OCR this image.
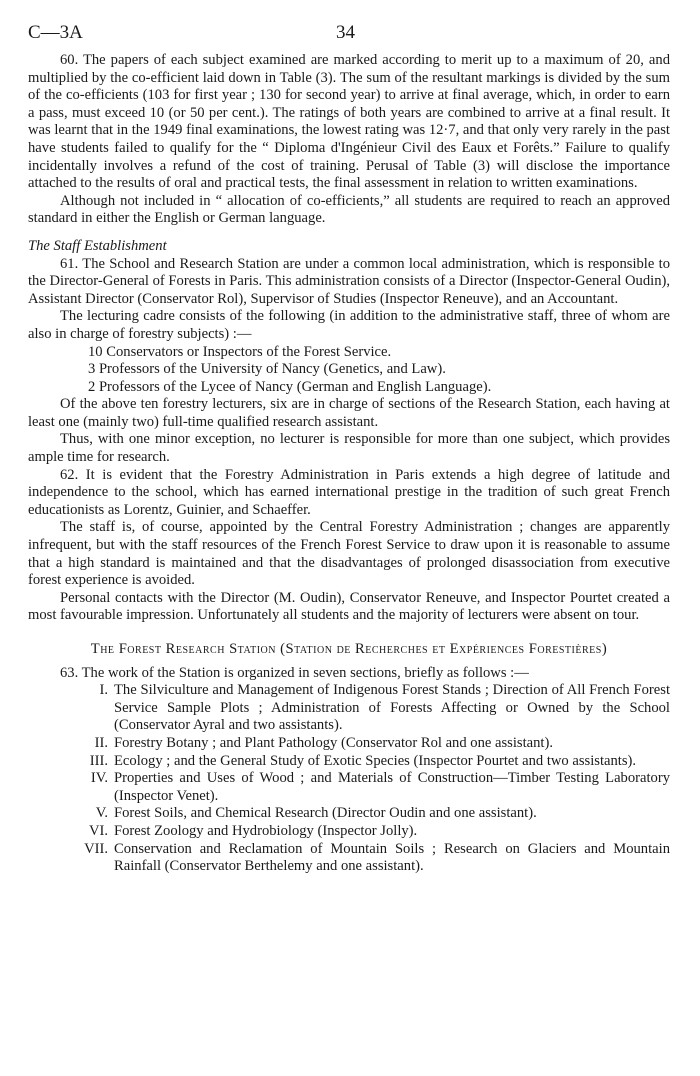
C—3A	34

60. The papers of each subject examined are marked according to merit up to a maximum of 20, and multiplied by the co-efficient laid down in Table (3). The sum of the resultant markings is divided by the sum of the co-efficients (103 for first year ; 130 for second year) to arrive at final average, which, in order to earn a pass, must exceed 10 (or 50 per cent.). The ratings of both years are combined to arrive at a final result. It was learnt that in the 1949 final examinations, the lowest rating was 12·7, and that only very rarely in the past have students failed to qualify for the “ Diploma d'Ingénieur Civil des Eaux et Forêts.” Failure to qualify incidentally involves a refund of the cost of training. Perusal of Table (3) will disclose the importance attached to the results of oral and practical tests, the final assessment in relation to written examinations.

Although not included in “ allocation of co-efficients,” all students are required to reach an approved standard in either the English or German language.

The Staff Establishment

61. The School and Research Station are under a common local administration, which is responsible to the Director-General of Forests in Paris. This administration consists of a Director (Inspector-General Oudin), Assistant Director (Conservator Rol), Supervisor of Studies (Inspector Reneuve), and an Accountant.

The lecturing cadre consists of the following (in addition to the administrative staff, three of whom are also in charge of forestry subjects) :—

10 Conservators or Inspectors of the Forest Service.
3 Professors of the University of Nancy (Genetics, and Law).
2 Professors of the Lycee of Nancy (German and English Language).

Of the above ten forestry lecturers, six are in charge of sections of the Research Station, each having at least one (mainly two) full-time qualified research assistant.

Thus, with one minor exception, no lecturer is responsible for more than one subject, which provides ample time for research.

62. It is evident that the Forestry Administration in Paris extends a high degree of latitude and independence to the school, which has earned international prestige in the tradition of such great French educationists as Lorentz, Guinier, and Schaeffer.

The staff is, of course, appointed by the Central Forestry Administration ; changes are apparently infrequent, but with the staff resources of the French Forest Service to draw upon it is reasonable to assume that a high standard is maintained and that the disadvantages of prolonged disassociation from executive forest experience is avoided.

Personal contacts with the Director (M. Oudin), Conservator Reneuve, and Inspector Pourtet created a most favourable impression. Unfortunately all students and the majority of lecturers were absent on tour.

The Forest Research Station (Station de Recherches et Expériences Forestières)

63. The work of the Station is organized in seven sections, briefly as follows :—

I. The Silviculture and Management of Indigenous Forest Stands ; Direction of All French Forest Service Sample Plots ; Administration of Forests Affecting or Owned by the School (Conservator Ayral and two assistants).
II. Forestry Botany ; and Plant Pathology (Conservator Rol and one assistant).
III. Ecology ; and the General Study of Exotic Species (Inspector Pourtet and two assistants).
IV. Properties and Uses of Wood ; and Materials of Construction—Timber Testing Laboratory (Inspector Venet).
V. Forest Soils, and Chemical Research (Director Oudin and one assistant).
VI. Forest Zoology and Hydrobiology (Inspector Jolly).
VII. Conservation and Reclamation of Mountain Soils ; Research on Glaciers and Mountain Rainfall (Conservator Berthelemy and one assistant).
